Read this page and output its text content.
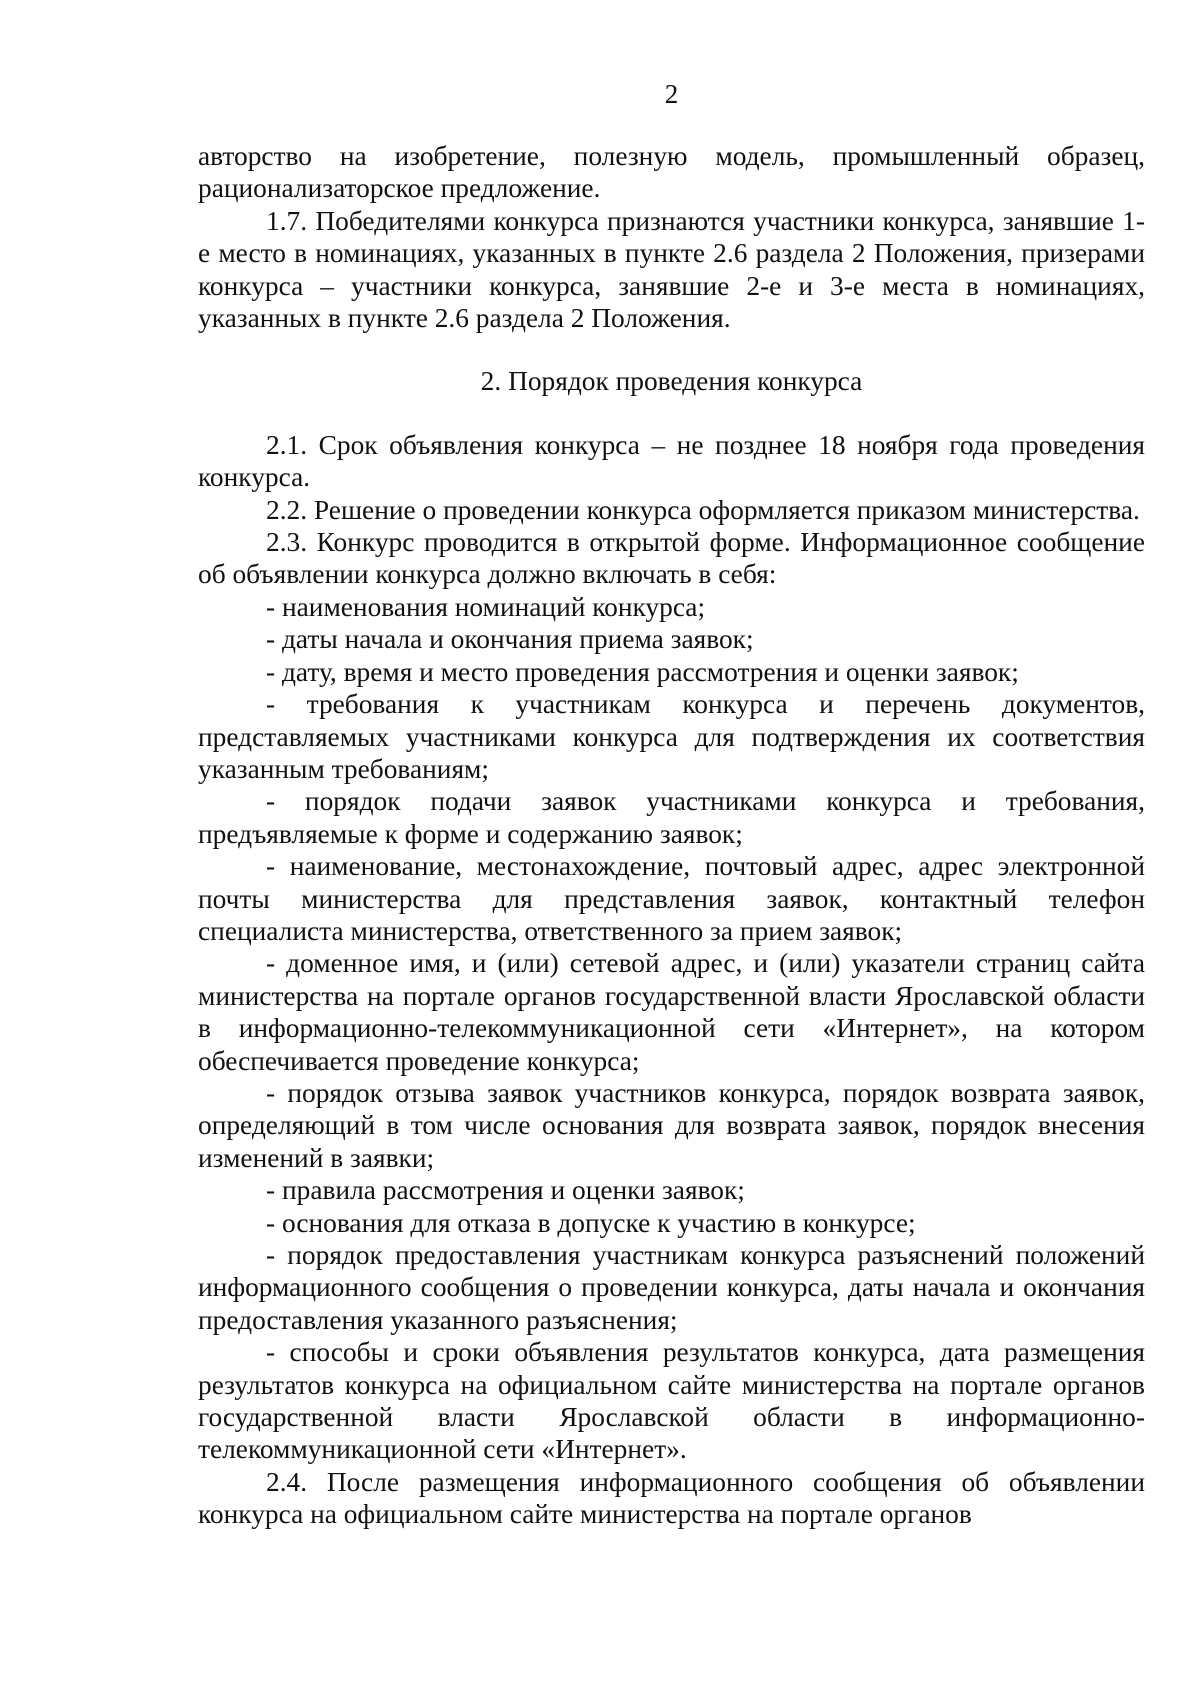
2

авторство на изобретение, полезную модель, промышленный образец, рационализаторское предложение.

1.7. Победителями конкурса признаются участники конкурса, занявшие 1-е место в номинациях, указанных в пункте 2.6 раздела 2 Положения, призерами конкурса – участники конкурса, занявшие 2-е и 3-е места в номинациях, указанных в пункте 2.6 раздела 2 Положения.

2. Порядок проведения конкурса

2.1. Срок объявления конкурса – не позднее 18 ноября года проведения конкурса.

2.2. Решение о проведении конкурса оформляется приказом министерства.

2.3. Конкурс проводится в открытой форме. Информационное сообщение об объявлении конкурса должно включать в себя:

- наименования номинаций конкурса;

- даты начала и окончания приема заявок;

- дату, время и место проведения рассмотрения и оценки заявок;

- требования к участникам конкурса и перечень документов, представляемых участниками конкурса для подтверждения их соответствия указанным требованиям;

- порядок подачи заявок участниками конкурса и требования, предъявляемые к форме и содержанию заявок;

- наименование, местонахождение, почтовый адрес, адрес электронной почты министерства для представления заявок, контактный телефон специалиста министерства, ответственного за прием заявок;

- доменное имя, и (или) сетевой адрес, и (или) указатели страниц сайта министерства на портале органов государственной власти Ярославской области в информационно-телекоммуникационной сети «Интернет», на котором обеспечивается проведение конкурса;

- порядок отзыва заявок участников конкурса, порядок возврата заявок, определяющий в том числе основания для возврата заявок, порядок внесения изменений в заявки;

- правила рассмотрения и оценки заявок;

- основания для отказа в допуске к участию в конкурсе;

- порядок предоставления участникам конкурса разъяснений положений информационного сообщения о проведении конкурса, даты начала и окончания предоставления указанного разъяснения;

- способы и сроки объявления результатов конкурса, дата размещения результатов конкурса на официальном сайте министерства на портале органов государственной власти Ярославской области в информационно-телекоммуникационной сети «Интернет».

2.4. После размещения информационного сообщения об объявлении конкурса на официальном сайте министерства на портале органов
